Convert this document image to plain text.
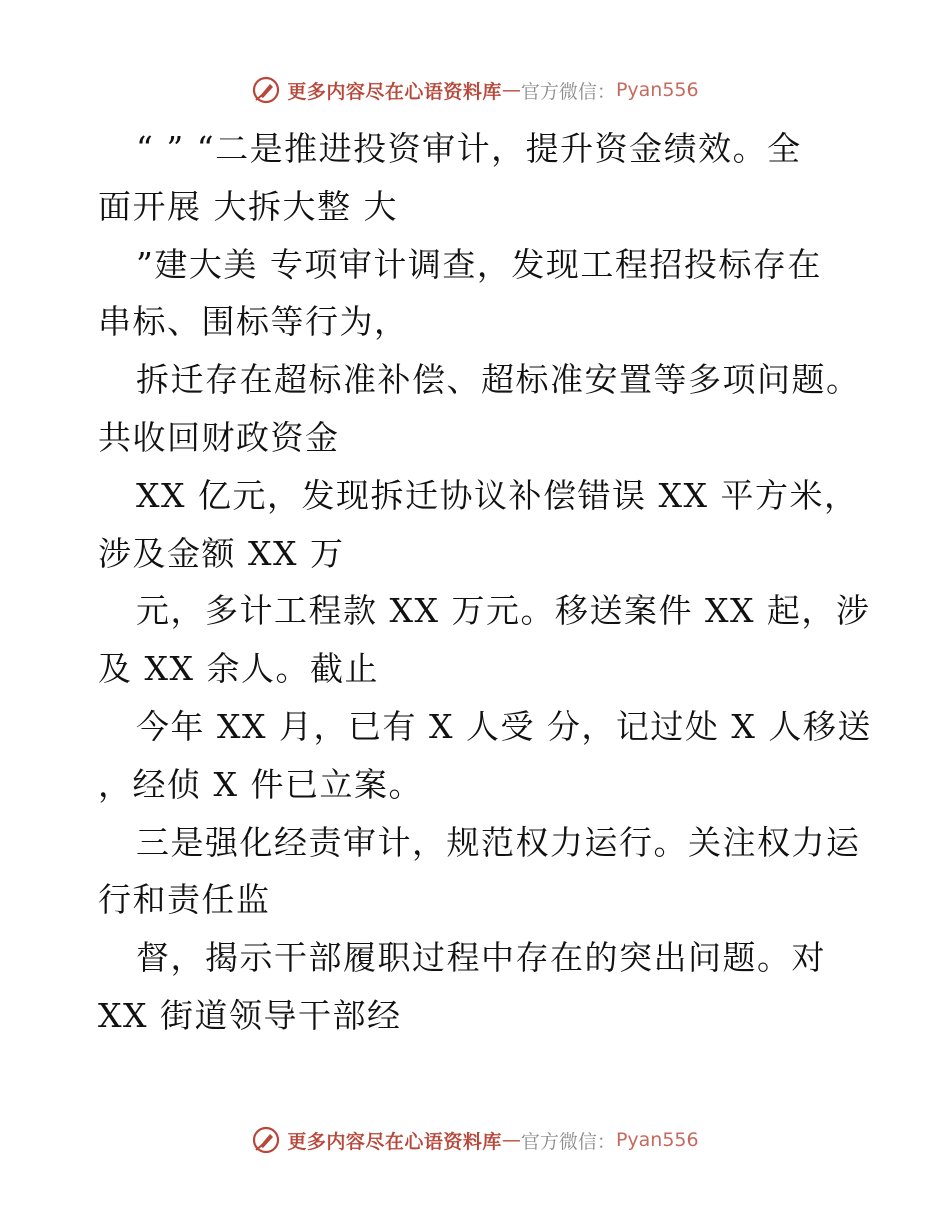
更多内容尽在心语资料库 — 官方微信： Pyan556
“ ” “二是推进投资审计，提升资金绩效。全
面开展 大拆大整 大
”建大美 专项审计调查，发现工程招投标存在
串标、围标等行为，
拆迁存在超标准补偿、超标准安置等多项问题。
共收回财政资金
XX 亿元，发现拆迁协议补偿错误 XX 平方米，
涉及金额 XX 万
元，多计工程款 XX 万元。移送案件 XX 起，涉
及 XX 余人。截止
今年 XX 月，已有 X 人受 分，记过处 X 人移送
，经侦 X 件已立案。
三是强化经责审计，规范权力运行。关注权力运
行和责任监
督，揭示干部履职过程中存在的突出问题。对
XX 街道领导干部经
更多内容尽在心语资料库 — 官方微信： Pyan556
